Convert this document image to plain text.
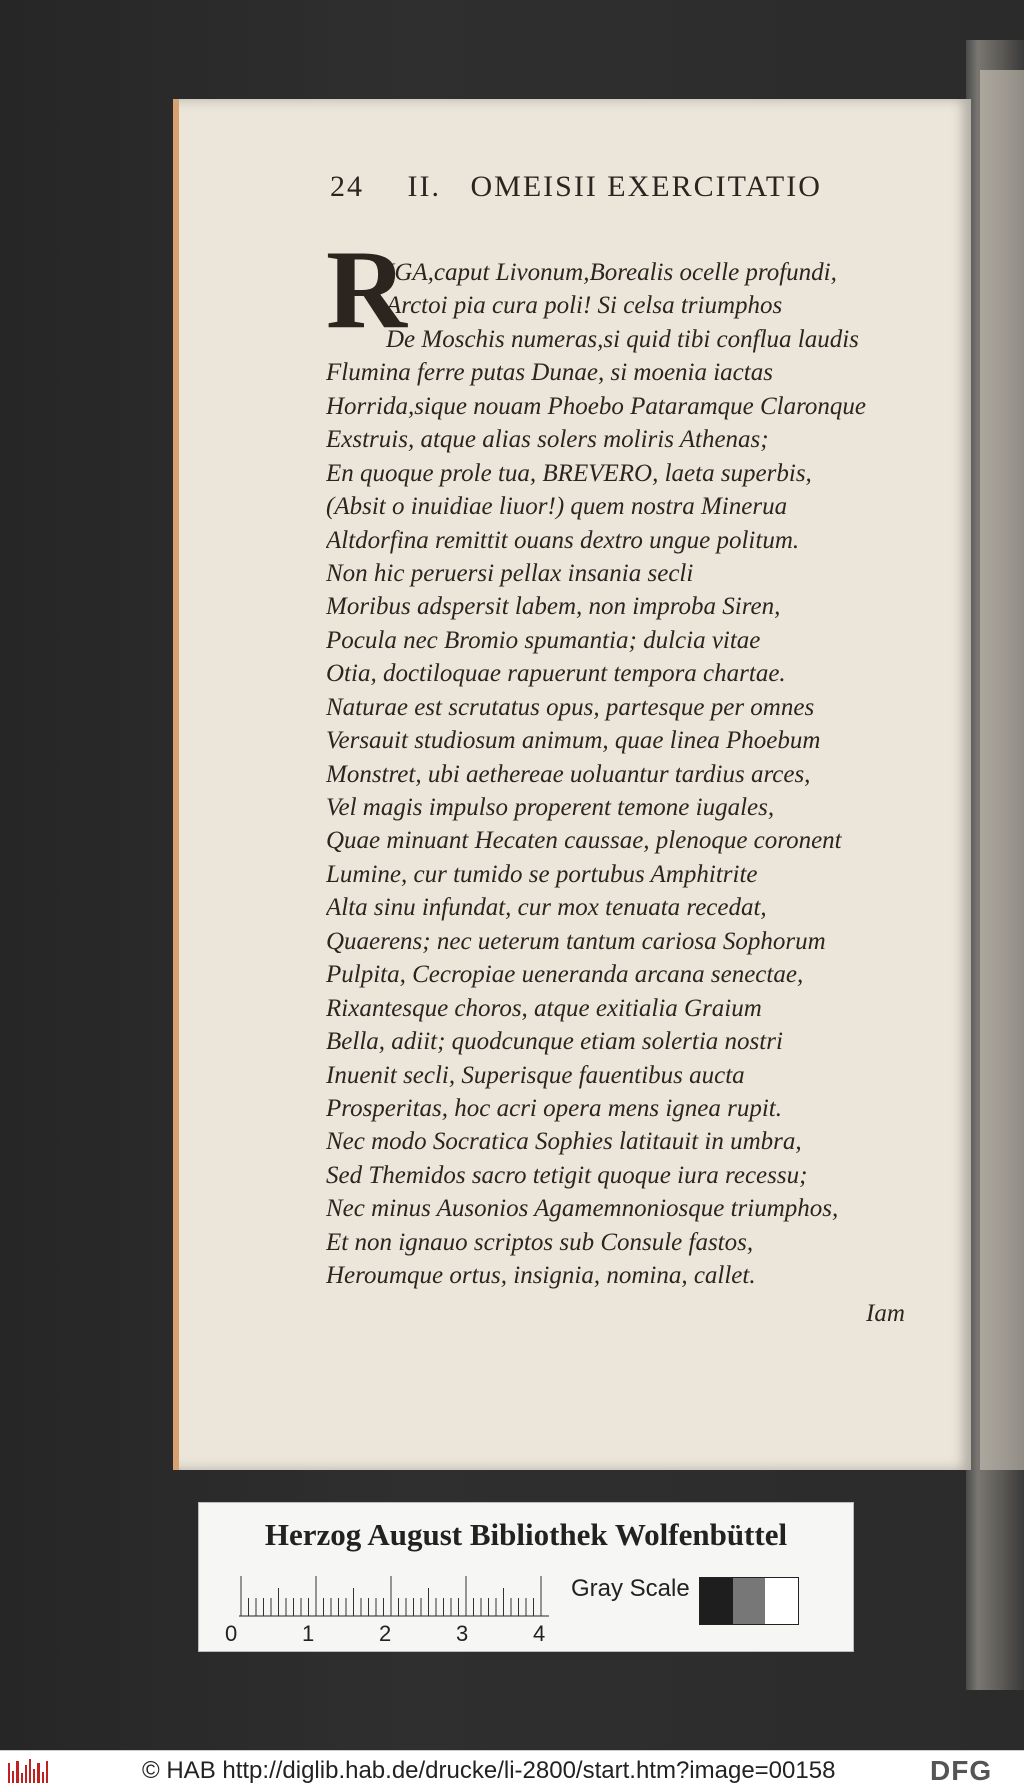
24 II. OMEISII EXERCITATIO
R
IGA,caput Livonum,Borealis ocelle profundi,
Arctoi pia cura poli! Si celsa triumphos
De Moschis numeras,si quid tibi conflua laudis
Flumina ferre putas Dunae, si moenia iactas
Horrida,sique nouam Phoebo Pataramque Claronque
Exstruis, atque alias solers moliris Athenas;
En quoque prole tua, BREVERO, laeta superbis,
(Absit o inuidiae liuor!) quem nostra Minerua
Altdorfina remittit ouans dextro ungue politum.
Non hic peruersi pellax insania secli
Moribus adspersit labem, non improba Siren,
Pocula nec Bromio spumantia; dulcia vitae
Otia, doctiloquae rapuerunt tempora chartae.
Naturae est scrutatus opus, partesque per omnes
Versauit studiosum animum, quae linea Phoebum
Monstret, ubi aethereae uoluantur tardius arces,
Vel magis impulso properent temone iugales,
Quae minuant Hecaten caussae, plenoque coronent
Lumine, cur tumido se portubus Amphitrite
Alta sinu infundat, cur mox tenuata recedat,
Quaerens; nec ueterum tantum cariosa Sophorum
Pulpita, Cecropiae ueneranda arcana senectae,
Rixantesque choros, atque exitialia Graium
Bella, adiit; quodcunque etiam solertia nostri
Inuenit secli, Superisque fauentibus aucta
Prosperitas, hoc acri opera mens ignea rupit.
Nec modo Socratica Sophies latitauit in umbra,
Sed Themidos sacro tetigit quoque iura recessu;
Nec minus Ausonios Agamemnoniosque triumphos,
Et non ignauo scriptos sub Consule fastos,
Heroumque ortus, insignia, nomina, callet.
Iam
Herzog August Bibliothek Wolfenbüttel
0	1	2	3	4
Gray Scale
© HAB http://diglib.hab.de/drucke/li-2800/start.htm?image=00158	DFG
